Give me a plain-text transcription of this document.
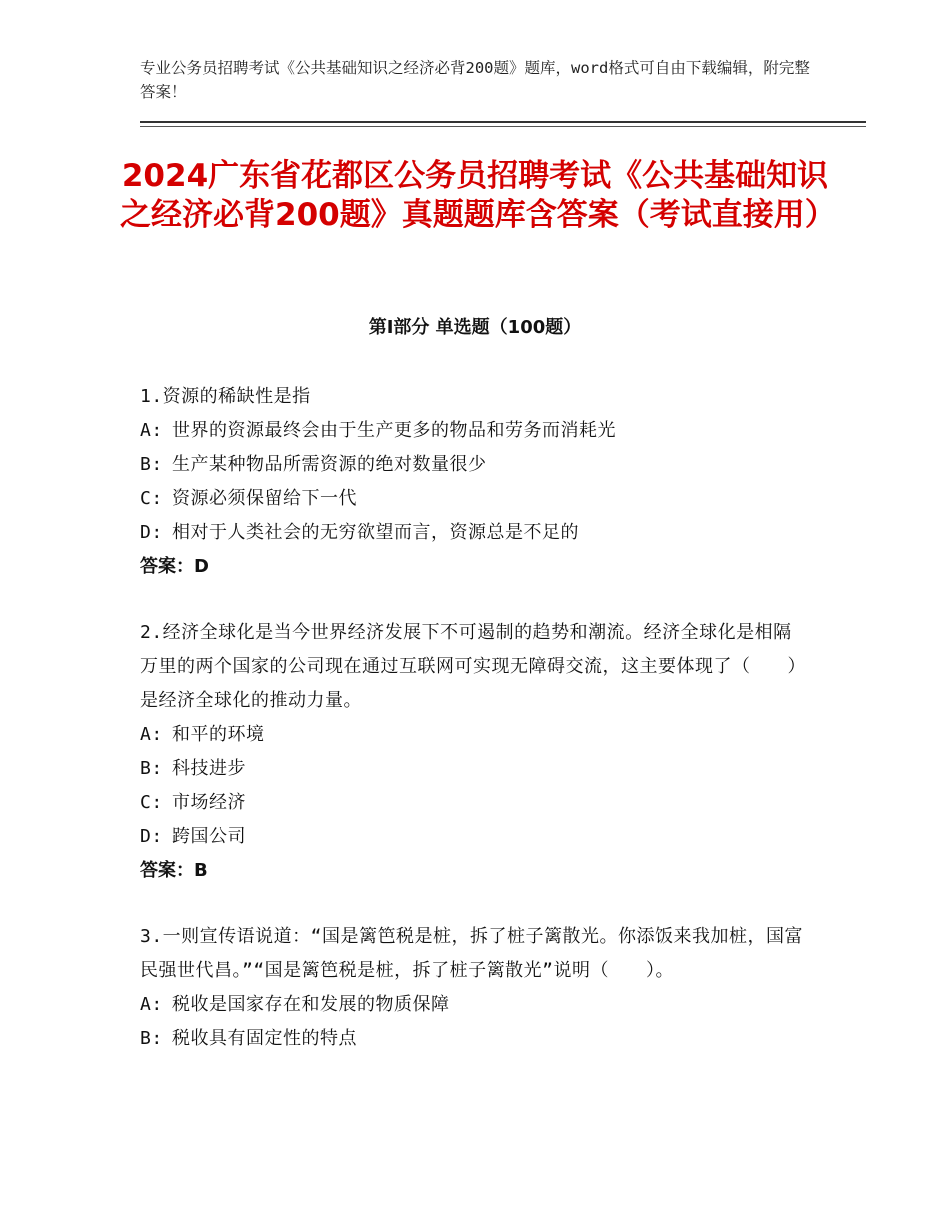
专业公务员招聘考试《公共基础知识之经济必背200题》题库，word格式可自由下载编辑，附完整答案！
2024广东省花都区公务员招聘考试《公共基础知识之经济必背200题》真题题库含答案（考试直接用）
第Ⅰ部分 单选题（100题）
1.资源的稀缺性是指
A: 世界的资源最终会由于生产更多的物品和劳务而消耗光
B: 生产某种物品所需资源的绝对数量很少
C: 资源必须保留给下一代
D: 相对于人类社会的无穷欲望而言，资源总是不足的
答案：D
2.经济全球化是当今世界经济发展下不可遏制的趋势和潮流。经济全球化是相隔万里的两个国家的公司现在通过互联网可实现无障碍交流，这主要体现了（　　）是经济全球化的推动力量。
A: 和平的环境
B: 科技进步
C: 市场经济
D: 跨国公司
答案：B
3.一则宣传语说道：“国是篱笆税是桩，拆了桩子篱散光。你添饭来我加桩，国富民强世代昌。”“国是篱笆税是桩，拆了桩子篱散光”说明（　　）。
A: 税收是国家存在和发展的物质保障
B: 税收具有固定性的特点
